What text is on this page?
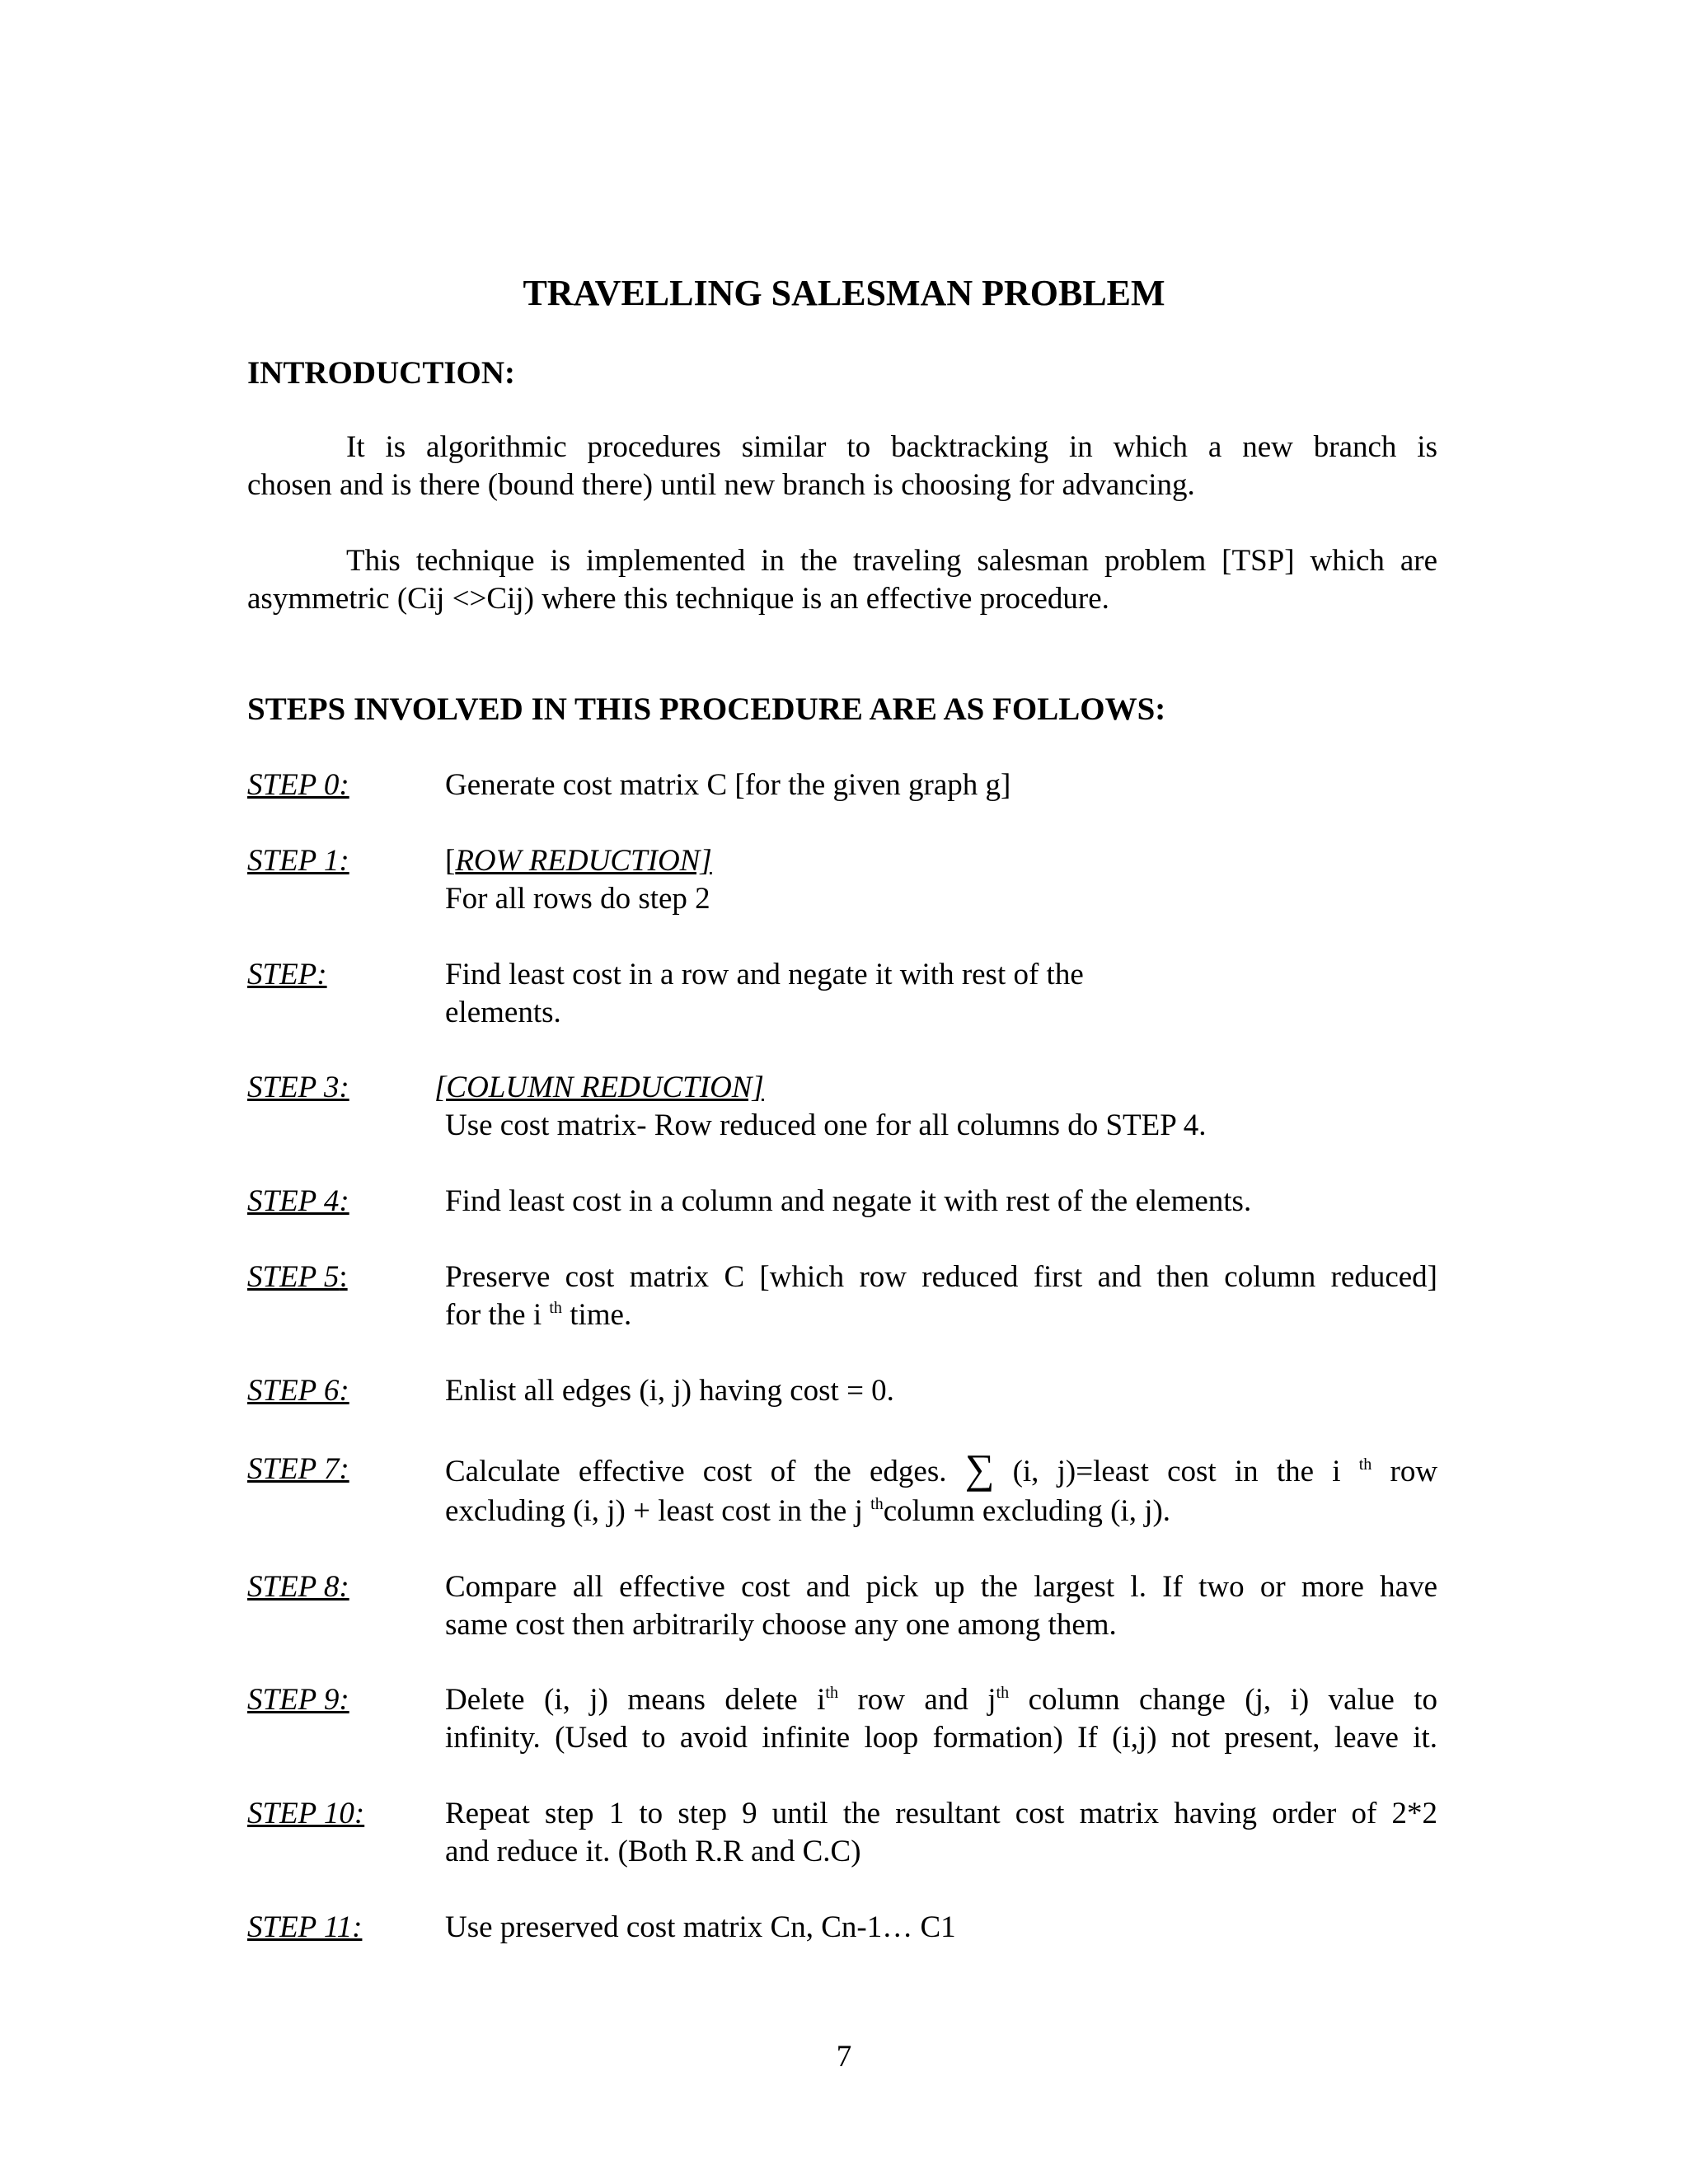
TRAVELLING SALESMAN PROBLEM
INTRODUCTION:
It is algorithmic procedures similar to backtracking in which a new branch is
chosen and is there (bound there) until new branch is choosing for advancing.
This technique is implemented in the traveling salesman problem [TSP] which are
asymmetric (Cij <>Cij) where this technique is an effective procedure.
STEPS INVOLVED IN THIS PROCEDURE ARE AS FOLLOWS:
STEP 0:	Generate cost matrix C [for the given graph g]
STEP 1:	[ROW REDUCTION]
For all rows do step 2
STEP:	Find least cost in a row and negate it with rest of the
elements.
STEP 3:	[COLUMN REDUCTION]
Use cost matrix- Row reduced one for all columns do STEP 4.
STEP 4:	Find least cost in a column and negate it with rest of the elements.
STEP 5:	Preserve cost matrix C [which row reduced first and then column reduced]
for the i $^{th}$ time.
STEP 6:	Enlist all edges (i, j) having cost = 0.
STEP 7:	Calculate effective cost of the edges. ∑ (i, j)=least cost in the i $^{th}$ row
excluding (i, j) + least cost in the j $^{th}$column excluding (i, j).
STEP 8:	Compare all effective cost and pick up the largest l. If two or more have
same cost then arbitrarily choose any one among them.
STEP 9:	Delete (i, j) means delete $i^{th}$ row and $j^{th}$ column change (j, i) value to
infinity. (Used to avoid infinite loop formation) If (i,j) not present, leave it.
STEP 10:	Repeat step 1 to step 9 until the resultant cost matrix having order of 2*2
and reduce it. (Both R.R and C.C)
STEP 11:	Use preserved cost matrix Cn, Cn-1… C1
7
